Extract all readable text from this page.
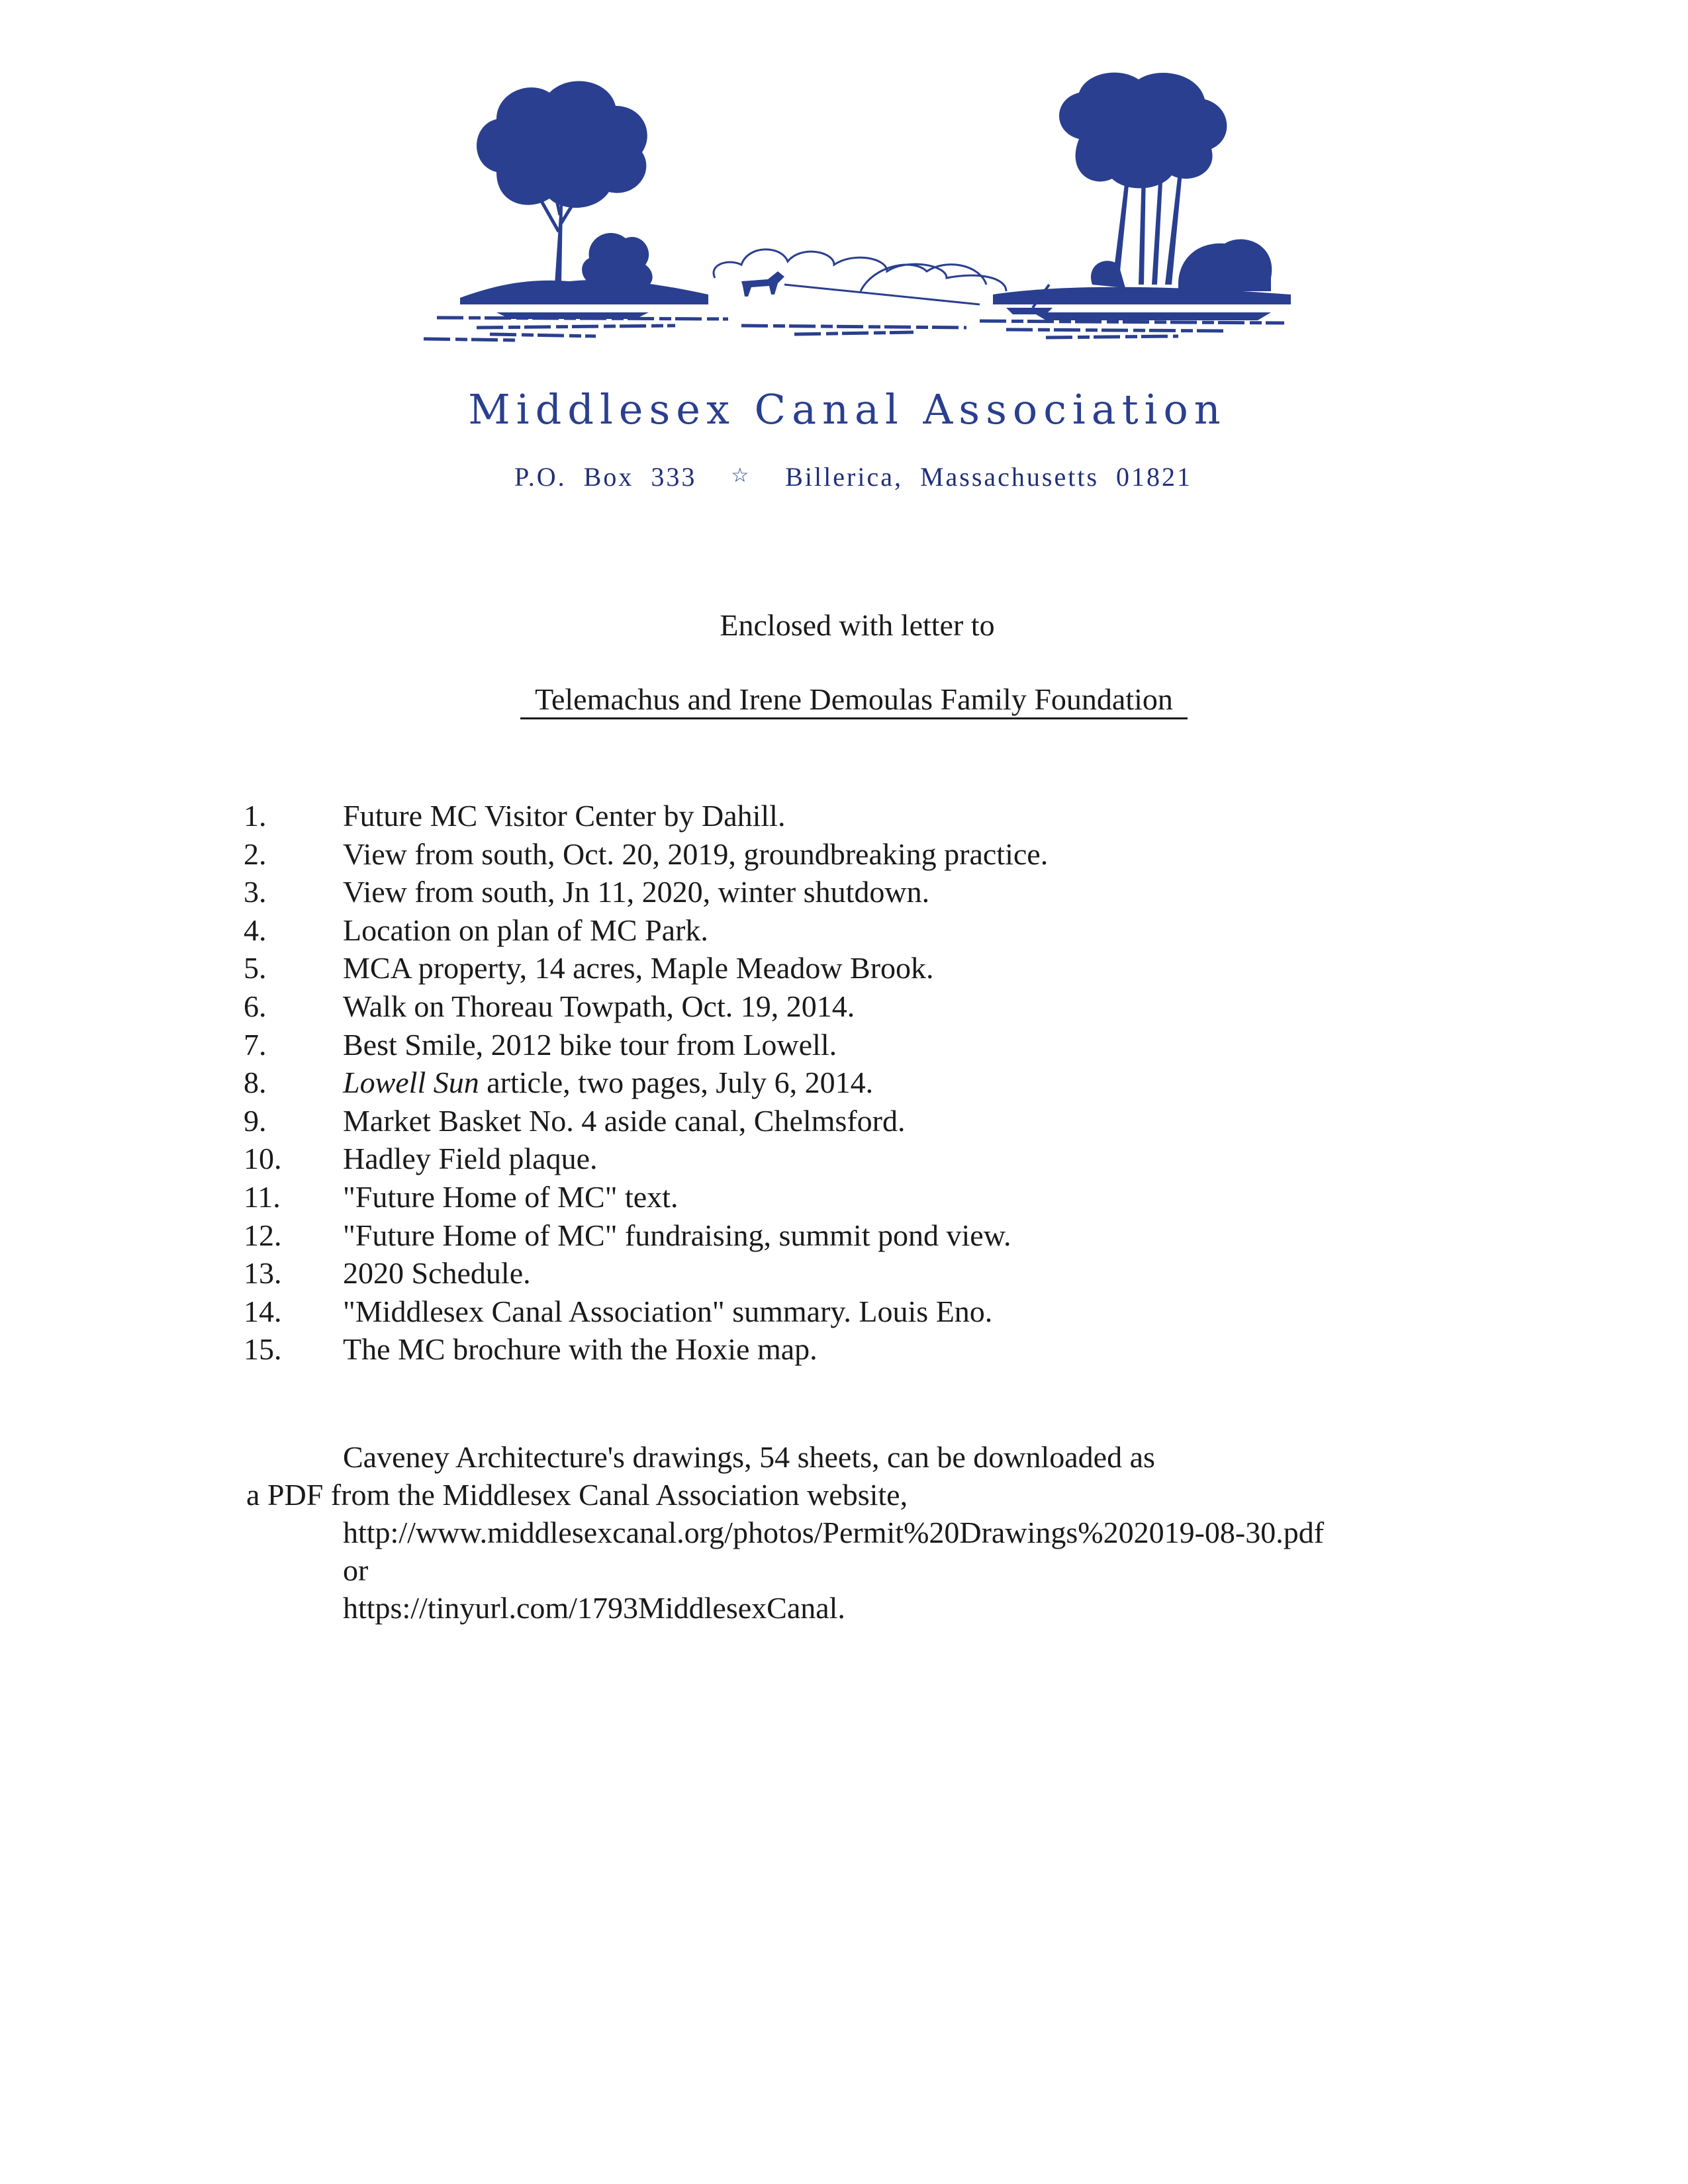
Middlesex Canal Association
P.O.  Box  333 ☆ Billerica,  Massachusetts  01821
Enclosed with letter to
Telemachus and Irene Demoulas Family Foundation
1.	Future MC Visitor Center by Dahill.
2.	View from south, Oct. 20, 2019, groundbreaking practice.
3.	View from south, Jn 11, 2020, winter shutdown.
4.	Location on plan of MC Park.
5.	MCA property, 14 acres, Maple Meadow Brook.
6.	Walk on Thoreau Towpath, Oct. 19, 2014.
7.	Best Smile, 2012 bike tour from Lowell.
8.	Lowell Sun article, two pages, July 6, 2014.
9.	Market Basket No. 4 aside canal, Chelmsford.
10. Hadley Field plaque.
11. "Future Home of MC" text.
12. "Future Home of MC" fundraising, summit pond view.
13. 2020 Schedule.
14. "Middlesex Canal Association" summary. Louis Eno.
15. The MC brochure with the Hoxie map.
Caveney Architecture's drawings, 54 sheets, can be downloaded as
a PDF from the Middlesex Canal Association website,
http://www.middlesexcanal.org/photos/Permit%20Drawings%202019-08-30.pdf
or
https://tinyurl.com/1793MiddlesexCanal.
